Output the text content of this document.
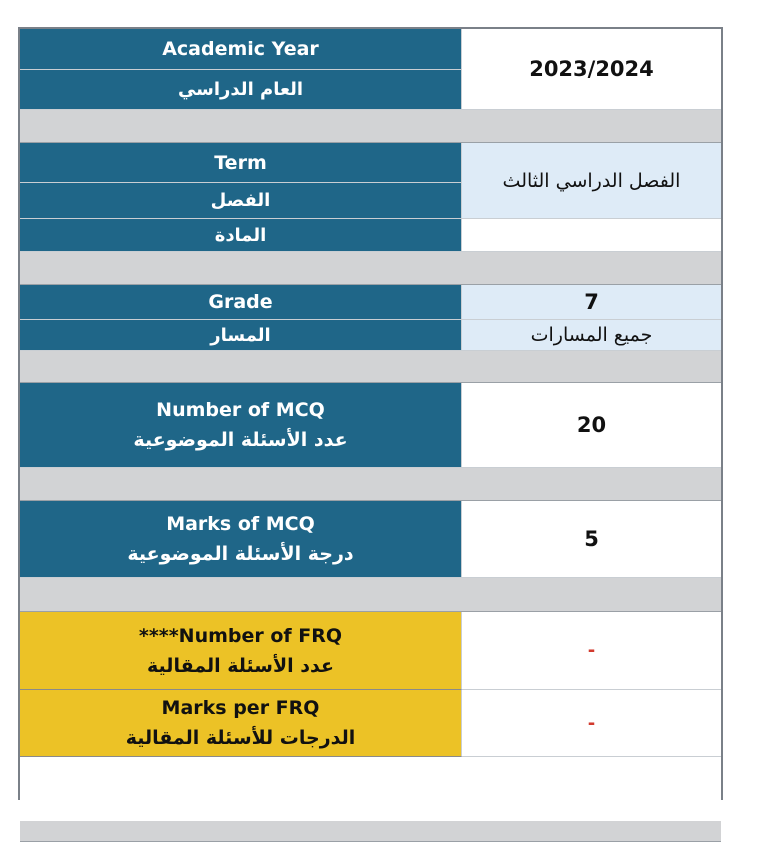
Academic Year
العام الدراسي
2023/2024
Term
الفصل
الفصل الدراسي الثالث
المادة
Grade	7
المسار	جميع المسارات
Number of MCQ
عدد الأسئلة الموضوعية
20
Marks of MCQ
درجة الأسئلة الموضوعية
5
****Number of FRQ
عدد الأسئلة المقالية
-
Marks per FRQ
الدرجات للأسئلة المقالية
-
